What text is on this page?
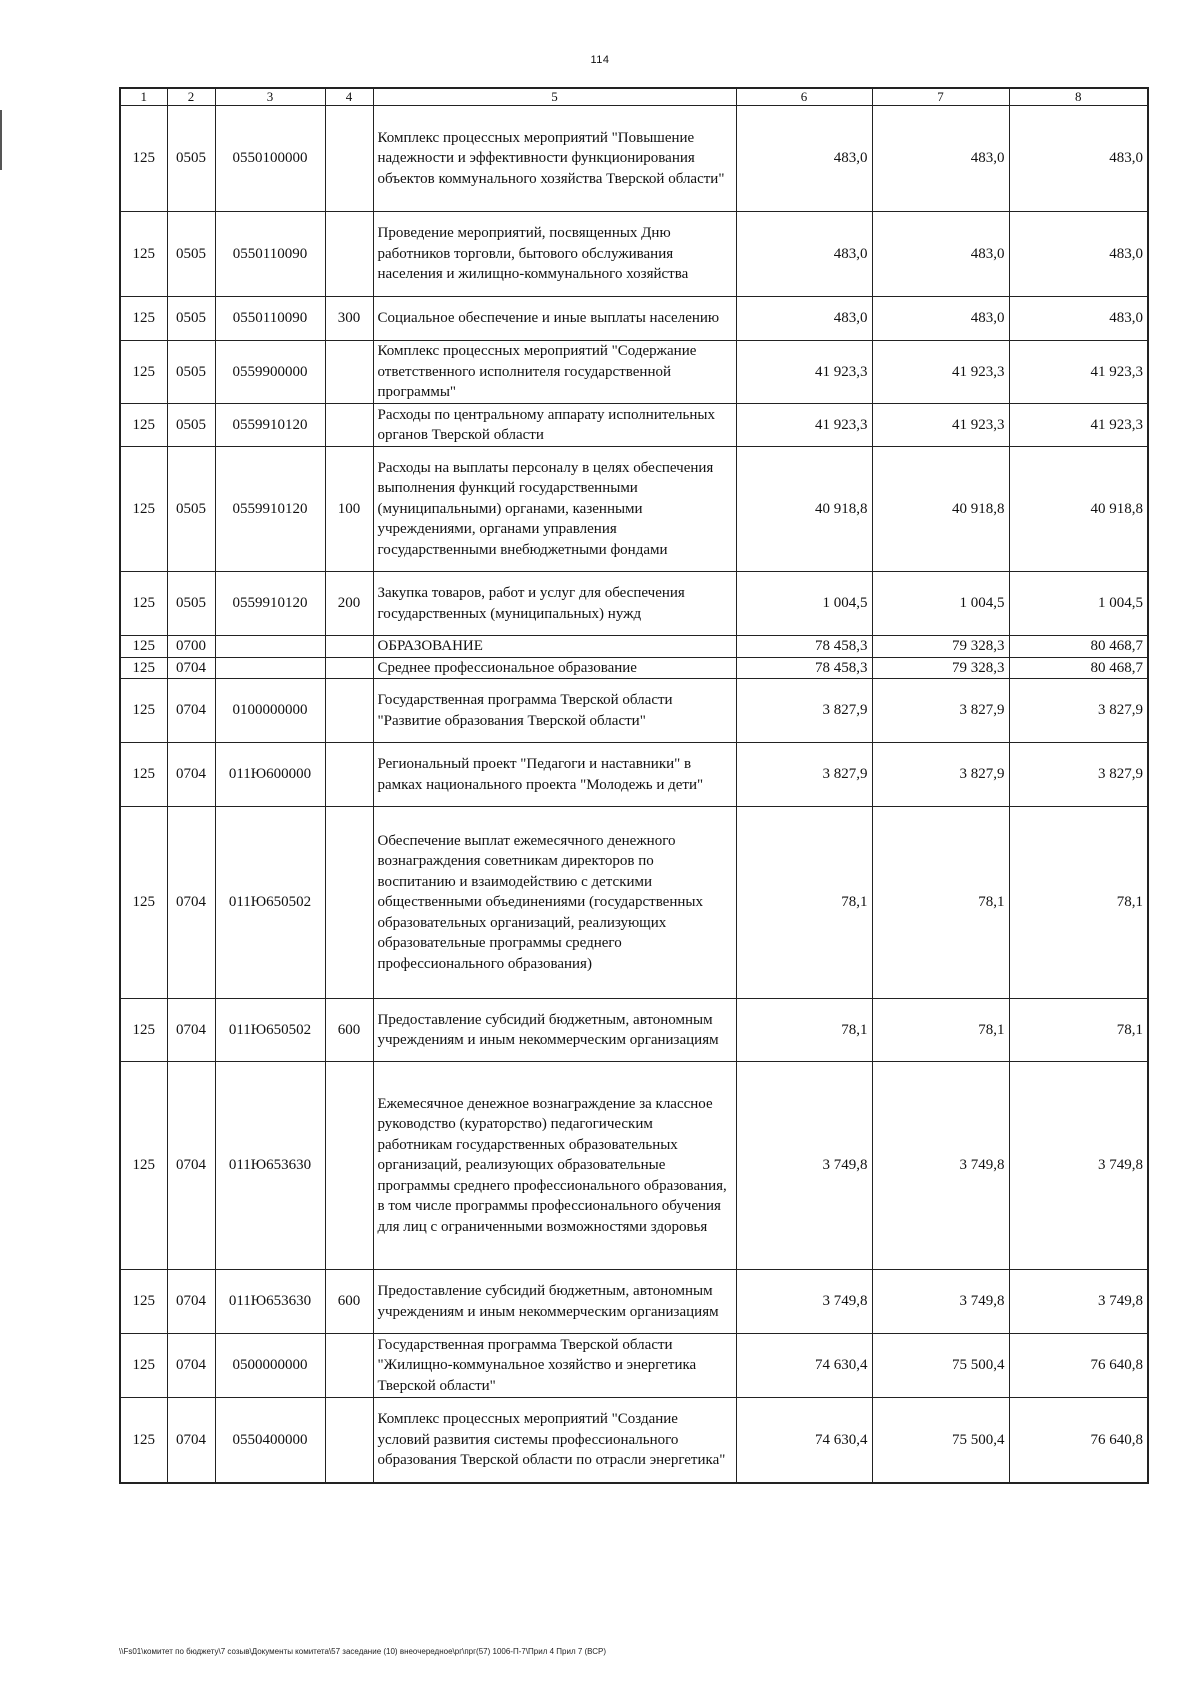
114
1	2	3	4	5	6	7	8
125	0505	0550100000		Комплекс процессных мероприятий "Повышение надежности и эффективности функционирования объектов коммунального хозяйства Тверской области"	483,0	483,0	483,0
125	0505	0550110090		Проведение мероприятий, посвященных Дню работников торговли, бытового обслуживания населения и жилищно-коммунального хозяйства	483,0	483,0	483,0
125	0505	0550110090	300	Социальное обеспечение и иные выплаты населению	483,0	483,0	483,0
125	0505	0559900000		Комплекс процессных мероприятий "Содержание ответственного исполнителя государственной программы"	41 923,3	41 923,3	41 923,3
125	0505	0559910120		Расходы по центральному аппарату исполнительных органов Тверской области	41 923,3	41 923,3	41 923,3
125	0505	0559910120	100	Расходы на выплаты персоналу в целях обеспечения выполнения функций государственными (муниципальными) органами, казенными учреждениями, органами управления государственными внебюджетными фондами	40 918,8	40 918,8	40 918,8
125	0505	0559910120	200	Закупка товаров, работ и услуг для обеспечения государственных (муниципальных) нужд	1 004,5	1 004,5	1 004,5
125	0700			ОБРАЗОВАНИЕ	78 458,3	79 328,3	80 468,7
125	0704			Среднее профессиональное образование	78 458,3	79 328,3	80 468,7
125	0704	0100000000		Государственная программа Тверской области "Развитие образования Тверской области"	3 827,9	3 827,9	3 827,9
125	0704	011Ю600000		Региональный проект "Педагоги и наставники" в рамках национального проекта "Молодежь и дети"	3 827,9	3 827,9	3 827,9
125	0704	011Ю650502		Обеспечение выплат ежемесячного денежного вознаграждения советникам директоров по воспитанию и взаимодействию с детскими общественными объединениями (государственных образовательных организаций, реализующих образовательные программы среднего профессионального образования)	78,1	78,1	78,1
125	0704	011Ю650502	600	Предоставление субсидий бюджетным, автономным учреждениям и иным некоммерческим организациям	78,1	78,1	78,1
125	0704	011Ю653630		Ежемесячное денежное вознаграждение за классное руководство (кураторство) педагогическим работникам государственных образовательных организаций, реализующих образовательные программы среднего профессионального образования, в том числе программы профессионального обучения для лиц с ограниченными возможностями здоровья	3 749,8	3 749,8	3 749,8
125	0704	011Ю653630	600	Предоставление субсидий бюджетным, автономным учреждениям и иным некоммерческим организациям	3 749,8	3 749,8	3 749,8
125	0704	0500000000		Государственная программа Тверской области "Жилищно-коммунальное хозяйство и энергетика Тверской области"	74 630,4	75 500,4	76 640,8
125	0704	0550400000		Комплекс процессных мероприятий "Создание условий развития системы профессионального образования Тверской области по отрасли энергетика"	74 630,4	75 500,4	76 640,8
\\Fs01\комитет по бюджету\7 созыв\Документы комитета\57 заседание (10) внеочередное\рг\прг(57) 1006-П-7\Прил 4 Прил 7 (ВСР)
